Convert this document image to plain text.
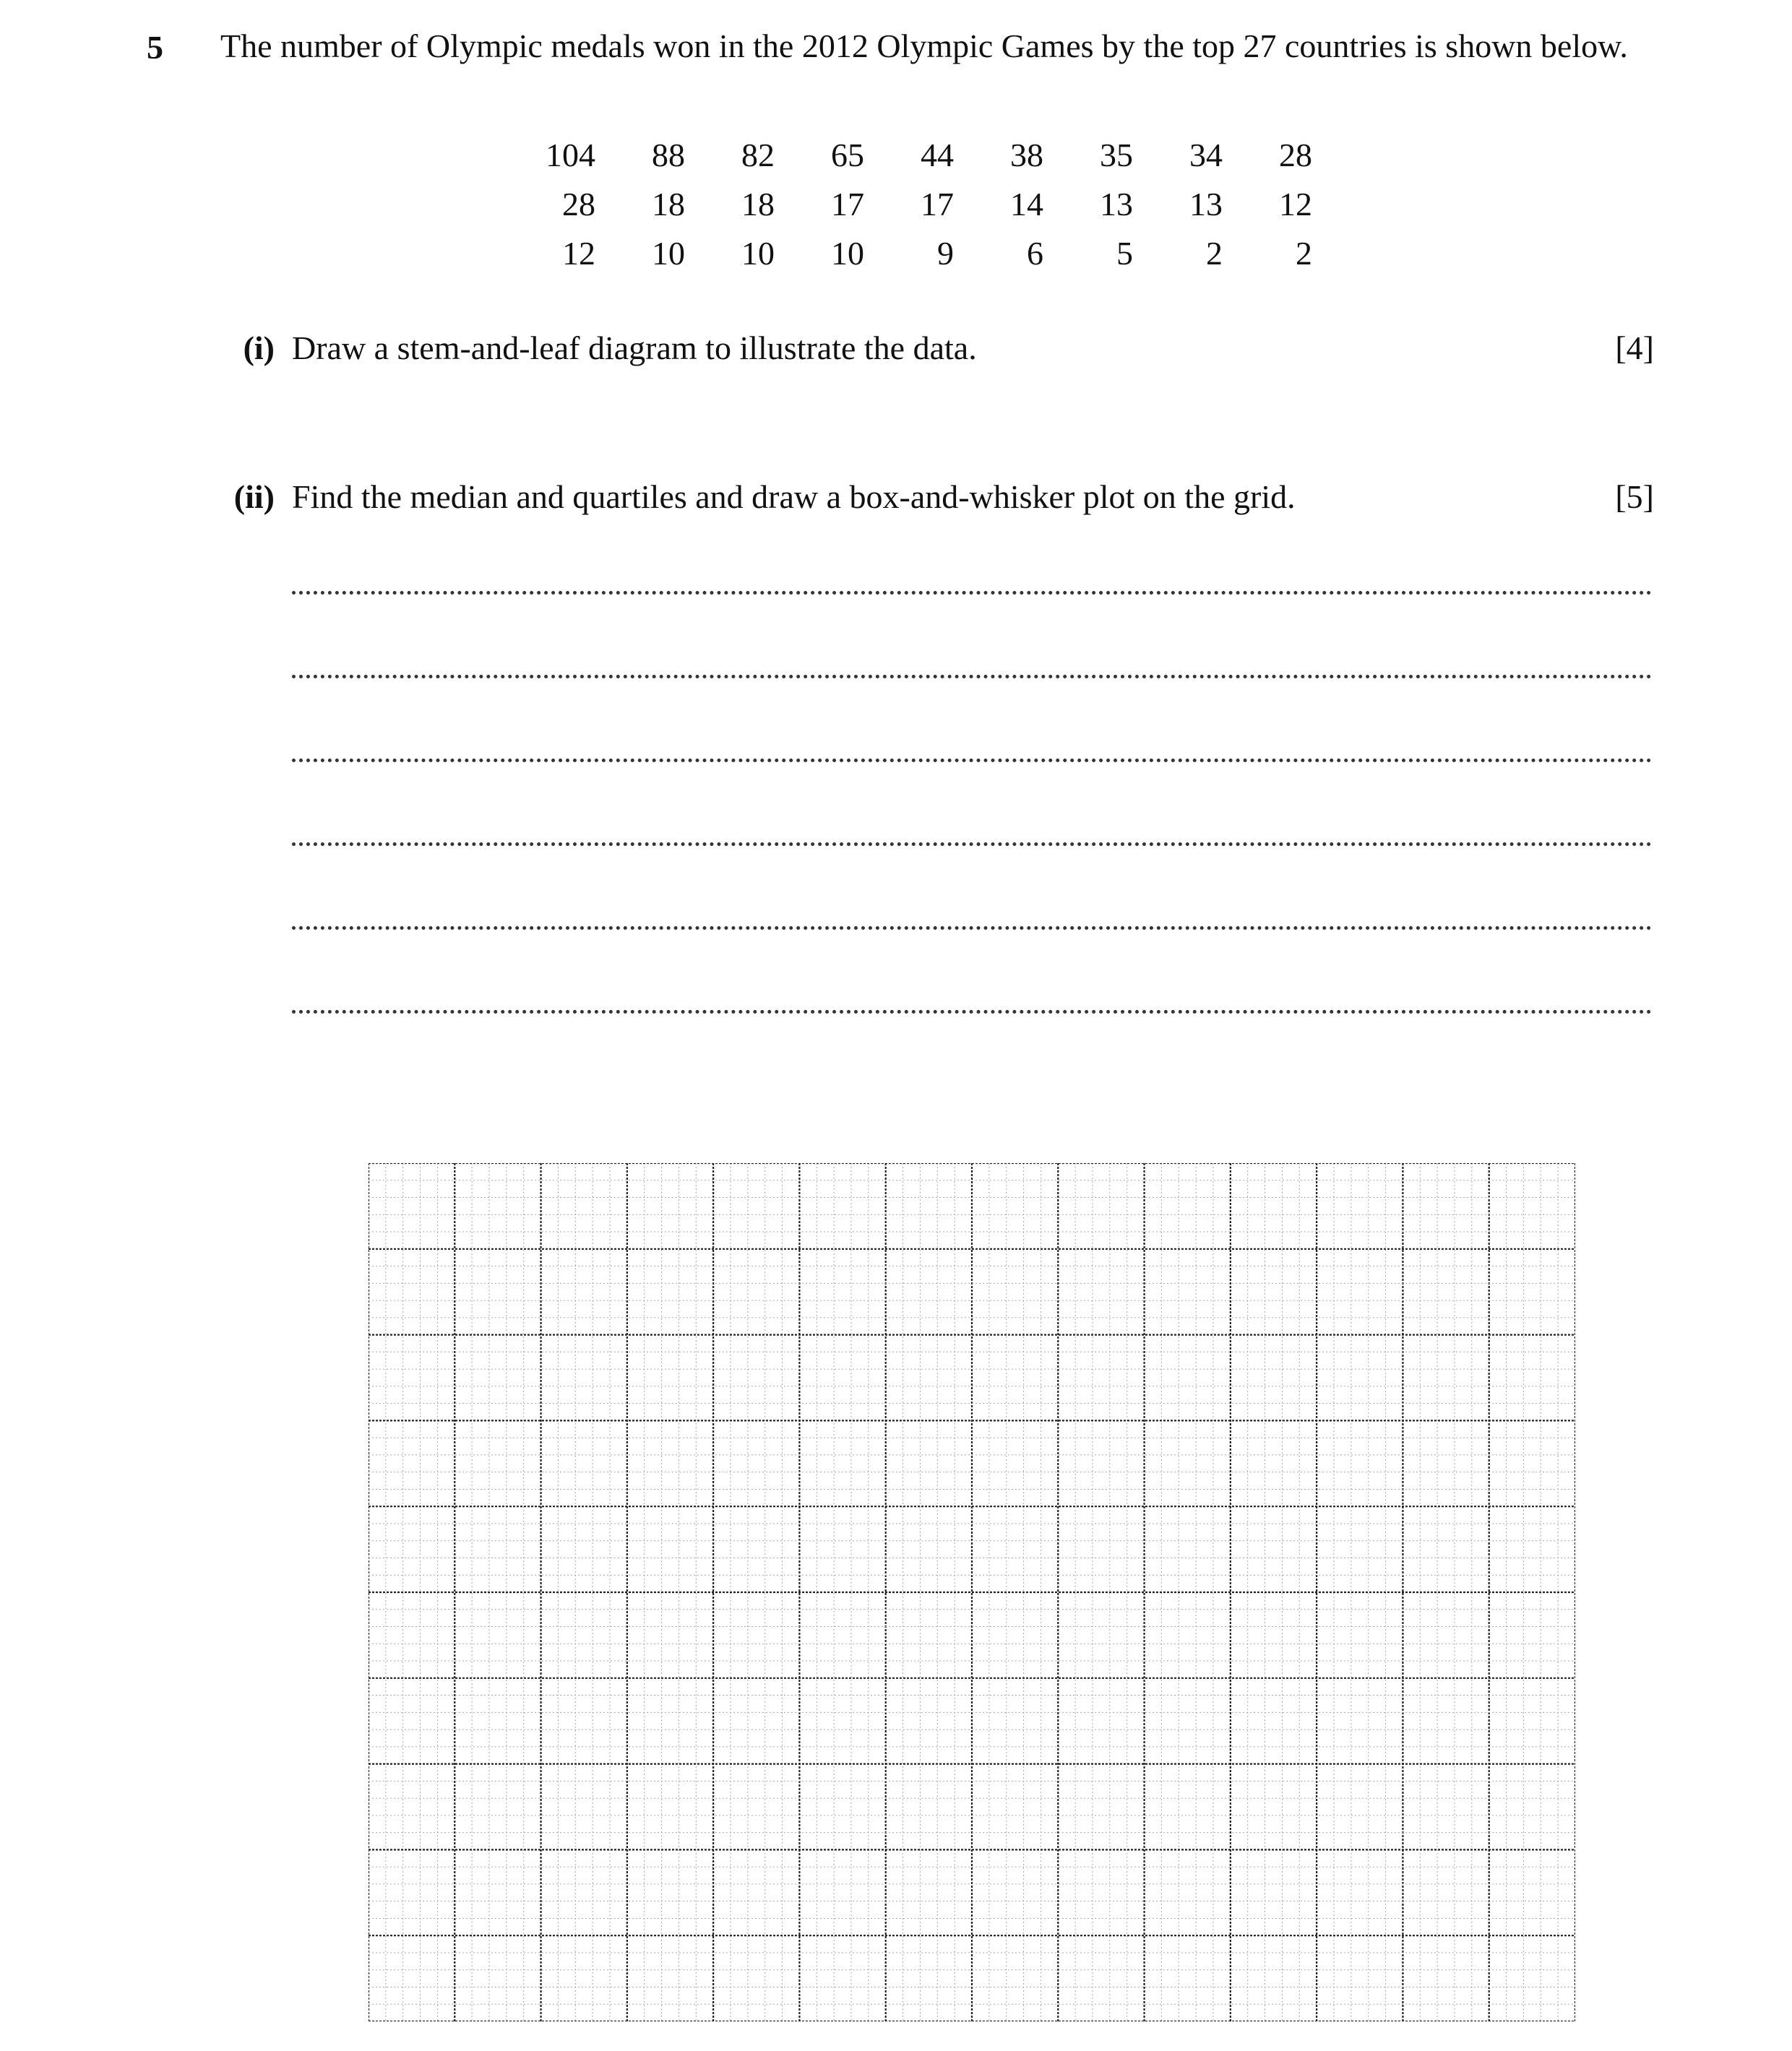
5 The number of Olympic medals won in the 2012 Olympic Games by the top 27 countries is shown below.
104	88	82	65	44	38	35	34	28
28	18	18	17	17	14	13	13	12
12	10	10	10	9	6	5	2	2
(i) Draw a stem-and-leaf diagram to illustrate the data.	[4]
(ii) Find the median and quartiles and draw a box-and-whisker plot on the grid.	[5]
